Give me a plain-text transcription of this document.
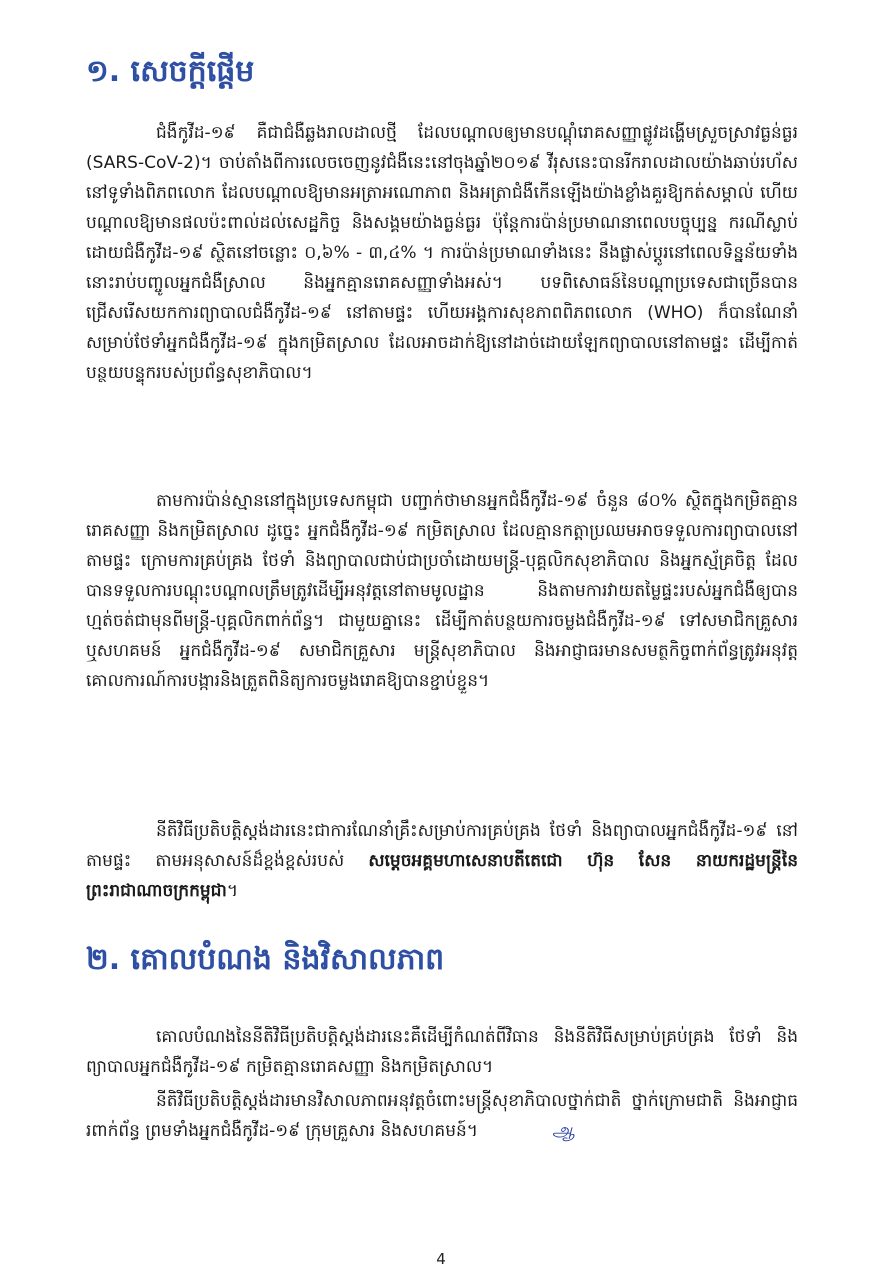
១. សេចក្តីផ្តើម
ជំងឺកូវីដ-១៩ គឺជាជំងឺឆ្លងរាលដាលថ្មី ដែលបណ្តាលឲ្យមានបណ្តុំរោគសញ្ញាផ្លូវដង្ហើមស្រួចស្រាវធ្ងន់ធ្ងរ (SARS-CoV-2)។ ចាប់តាំងពីការលេចចេញនូវជំងឺនេះនៅចុងឆ្នាំ២០១៩ វីរុសនេះបានរីករាលដាលយ៉ាងឆាប់រហ័សនៅទូទាំងពិភពលោក ដែលបណ្តាលឱ្យមានអត្រាអណោភាព និងអត្រាជំងឺកើនឡើងយ៉ាងខ្លាំងគួរឱ្យកត់សម្គាល់ ហើយបណ្តាលឱ្យមានផលប៉ះពាល់ដល់សេដ្ឋកិច្ច និងសង្គមយ៉ាងធ្ងន់ធ្ងរ ប៉ុន្តែការប៉ាន់ប្រមាណនាពេលបច្ចុប្បន្ន ករណីស្លាប់ដោយជំងឺកូវីដ-១៩ ស្ថិតនៅចន្លោះ ០,៦% - ៣,៤% ។ ការប៉ាន់ប្រមាណទាំងនេះ នឹងផ្លាស់ប្តូរនៅពេលទិន្នន័យទាំងនោះរាប់បញ្ចូលអ្នកជំងឺស្រាល និងអ្នកគ្មានរោគសញ្ញាទាំងអស់។ បទពិសោធន៍នៃបណ្តាប្រទេសជាច្រើនបានជ្រើសរើសយកការព្យាបាលជំងឺកូវីដ-១៩ នៅតាមផ្ទះ ហើយអង្គការសុខភាពពិភពលោក (WHO) ក៏បានណែនាំសម្រាប់ថែទាំអ្នកជំងឺកូវីដ-១៩ ក្នុងកម្រិតស្រាល ដែលអាចដាក់ឱ្យនៅដាច់ដោយឡែកព្យាបាលនៅតាមផ្ទះ ដើម្បីកាត់បន្ថយបន្ទុករបស់ប្រព័ន្ធសុខាភិបាល។
តាមការប៉ាន់ស្មាននៅក្នុងប្រទេសកម្ពុជា បញ្ជាក់ថាមានអ្នកជំងឺកូវីដ-១៩ ចំនួន ៨០% ស្ថិតក្នុងកម្រិតគ្មានរោគសញ្ញា និងកម្រិតស្រាល ដូច្នេះ អ្នកជំងឺកូវីដ-១៩ កម្រិតស្រាល ដែលគ្មានកត្តាប្រឈមអាចទទួលការព្យាបាលនៅតាមផ្ទះ ក្រោមការគ្រប់គ្រង ថែទាំ និងព្យាបាលជាប់ជាប្រចាំដោយមន្ត្រី-បុគ្គលិកសុខាភិបាល និងអ្នកស្ម័គ្រចិត្ត ដែលបានទទួលការបណ្តុះបណ្តាលត្រឹមត្រូវដើម្បីអនុវត្តនៅតាមមូលដ្ឋាន និងតាមការវាយតម្លៃផ្ទះរបស់អ្នកជំងឺឲ្យបានហ្មត់ចត់ជាមុនពីមន្ត្រី-បុគ្គលិកពាក់ព័ន្ធ។ ជាមួយគ្នានេះ ដើម្បីកាត់បន្ថយការចម្លងជំងឺកូវីដ-១៩ ទៅសមាជិកគ្រួសារ ឬសហគមន៍ អ្នកជំងឺកូវីដ-១៩ សមាជិកគ្រួសារ មន្ត្រីសុខាភិបាល និងអាជ្ញាធរមានសមត្ថកិច្ចពាក់ព័ន្ធត្រូវអនុវត្តគោលការណ៍ការបង្ការនិងត្រួតពិនិត្យការចម្លងរោគឱ្យបានខ្ជាប់ខ្ជួន។
នីតិវិធីប្រតិបត្តិស្តង់ដារនេះជាការណែនាំគ្រឹះសម្រាប់ការគ្រប់គ្រង ថែទាំ និងព្យាបាលអ្នកជំងឺកូវីដ-១៩ នៅតាមផ្ទះ តាមអនុសាសន៍ដ៏ខ្ពង់ខ្ពស់របស់ សម្តេចអគ្គមហាសេនាបតីតេជោ ហ៊ុន សែន នាយករដ្ឋមន្ត្រីនៃព្រះរាជាណាចក្រកម្ពុជា។
២. គោលបំណង និងវិសាលភាព
គោលបំណងនៃនីតិវិធីប្រតិបត្តិស្តង់ដារនេះគឺដើម្បីកំណត់ពីវិធាន និងនីតិវិធីសម្រាប់គ្រប់គ្រង ថែទាំ និងព្យាបាលអ្នកជំងឺកូវីដ-១៩ កម្រិតគ្មានរោគសញ្ញា និងកម្រិតស្រាល។
នីតិវិធីប្រតិបត្តិស្តង់ដារមានវិសាលភាពអនុវត្តចំពោះមន្ត្រីសុខាភិបាលថ្នាក់ជាតិ ថ្នាក់ក្រោមជាតិ និងអាជ្ញាធរពាក់ព័ន្ធ ព្រមទាំងអ្នកជំងឺកូវីដ-១៩ ក្រុមគ្រួសារ និងសហគមន៍។	ஆ
4
